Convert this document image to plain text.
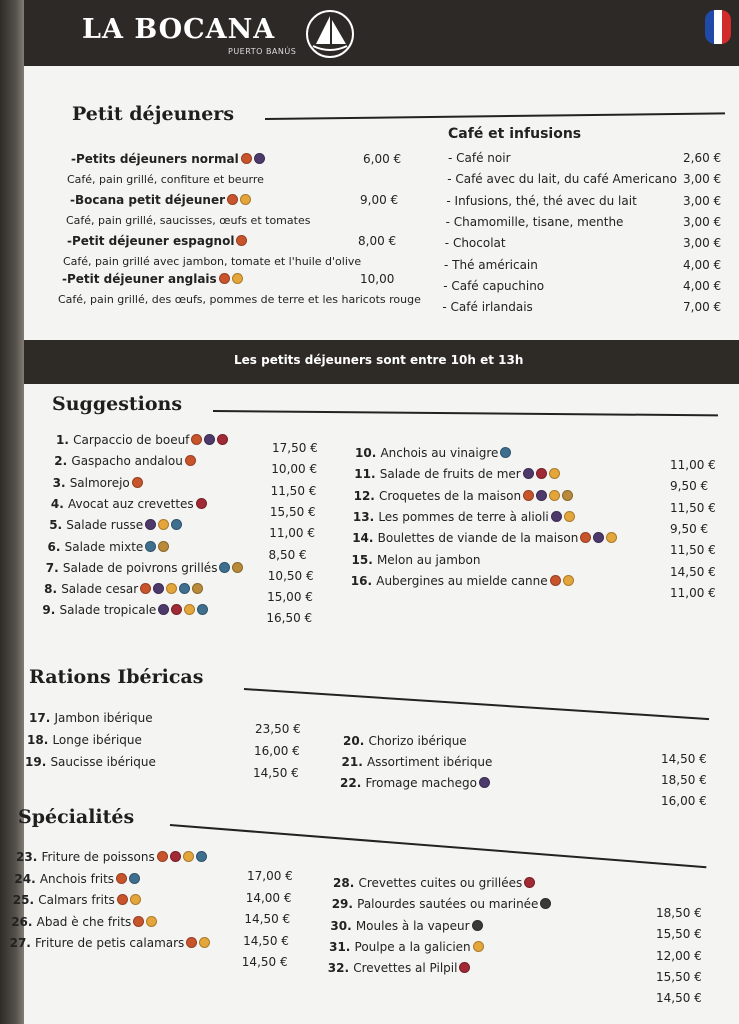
LA BOCANA
PUERTO BANÚS
Petit déjeuners
-Petits déjeuners normal
Café, pain grillé, confiture et beurre
6,00 €
-Bocana petit déjeuner
Café, pain grillé, saucisses, œufs et tomates
9,00 €
-Petit déjeuner espagnol
Café, pain grillé avec jambon, tomate et l'huile d'olive
8,00 €
-Petit déjeuner anglais
Café, pain grillé, des œufs, pommes de terre et les haricots rouge
10,00
Café et infusions
- Café noir	2,60 €
- Café avec du lait, du café Americano 3,00 €
- Infusions, thé, thé avec du lait	3,00 €
- Chamomille, tisane, menthe	3,00 €
- Chocolat	3,00 €
- Thé américain	4,00 €
- Café capuchino	4,00 €
- Café irlandais	7,00 €
Les petits déjeuners sont entre 10h et 13h
Suggestions
1. Carpaccio de boeuf
17,50 €
2. Gaspacho andalou
10,00 €
3. Salmorejo
11,50 €
4. Avocat auz crevettes
15,50 €
5. Salade russe
11,00 €
6. Salade mixte
8,50 €
7. Salade de poivrons grillés
10,50 €
8. Salade cesar
15,00 €
9. Salade tropicale
16,50 €
10. Anchois au vinaigre
11,00 €
11. Salade de fruits de mer
9,50 €
12. Croquetes de la maison
11,50 €
13. Les pommes de terre à alioli
9,50 €
14. Boulettes de viande de la maison
11,50 €
15. Melon au jambon
14,50 €
16. Aubergines au mielde canne
11,00 €
Rations Ibéricas
17. Jambon ibérique
23,50 €
18. Longe ibérique
16,00 €
19. Saucisse ibérique
14,50 €
20. Chorizo ibérique
14,50 €
21. Assortiment ibérique
18,50 €
22. Fromage machego
16,00 €
Spécialités
23. Friture de poissons
17,00 €
24. Anchois frits
14,00 €
25. Calmars frits
14,50 €
26. Abad è che frits
14,50 €
27. Friture de petis calamars
14,50 €
28. Crevettes cuites ou grillées
18,50 €
29. Palourdes sautées ou marinée
15,50 €
30. Moules à la vapeur
12,00 €
31. Poulpe a la galicien
15,50 €
32. Crevettes al Pilpil
14,50 €
